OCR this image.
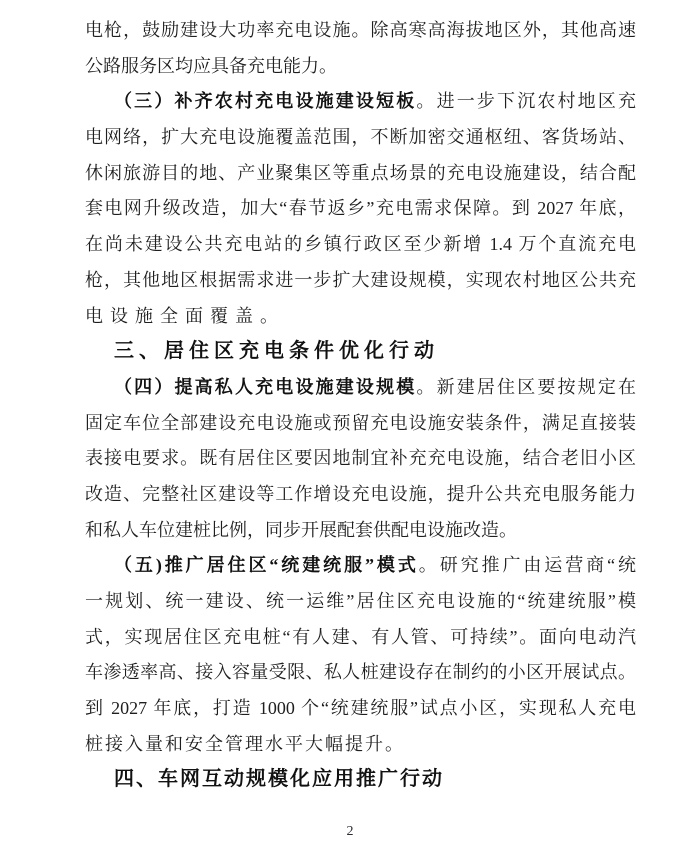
电枪，鼓励建设大功率充电设施。除高寒高海拔地区外，其他高速
公路服务区均应具备充电能力。
（三）补齐农村充电设施建设短板。进一步下沉农村地区充
电网络，扩大充电设施覆盖范围，不断加密交通枢纽、客货场站、
休闲旅游目的地、产业聚集区等重点场景的充电设施建设，结合配
套电网升级改造，加大“春节返乡”充电需求保障。到 2027 年底，
在尚未建设公共充电站的乡镇行政区至少新增 1.4 万个直流充电
枪，其他地区根据需求进一步扩大建设规模，实现农村地区公共充
电设施全面覆盖。
三、居住区充电条件优化行动
（四）提高私人充电设施建设规模。新建居住区要按规定在
固定车位全部建设充电设施或预留充电设施安装条件，满足直接装
表接电要求。既有居住区要因地制宜补充充电设施，结合老旧小区
改造、完整社区建设等工作增设充电设施，提升公共充电服务能力
和私人车位建桩比例，同步开展配套供配电设施改造。
（五)推广居住区“统建统服”模式。研究推广由运营商“统
一规划、统一建设、统一运维”居住区充电设施的“统建统服”模
式，实现居住区充电桩“有人建、有人管、可持续”。面向电动汽
车渗透率高、接入容量受限、私人桩建设存在制约的小区开展试点。
到 2027 年底，打造 1000 个“统建统服”试点小区，实现私人充电
桩接入量和安全管理水平大幅提升。
四、车网互动规模化应用推广行动
2
